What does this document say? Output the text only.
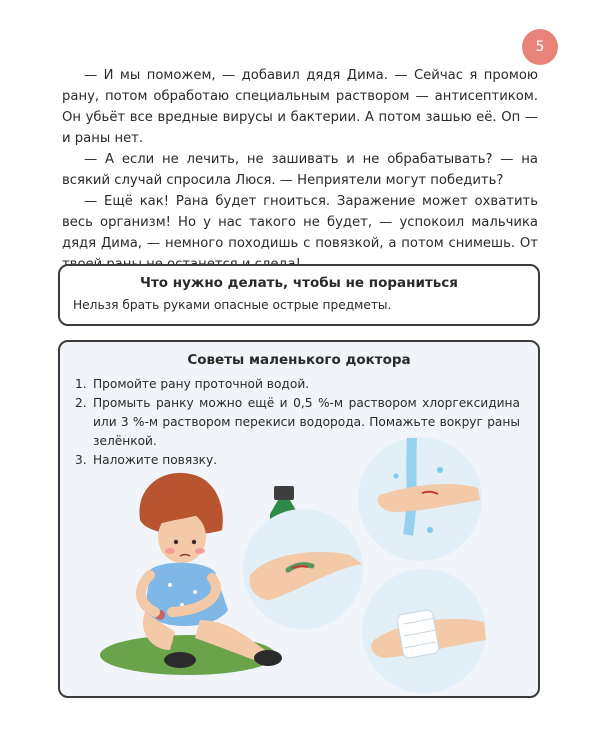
5

— И мы поможем, — добавил дядя Дима. — Сейчас я промою рану, потом обработаю специальным раствором — антисептиком. Он убьёт все вредные вирусы и бактерии. А потом зашью её. Оп — и раны нет.

— А если не лечить, не зашивать и не обрабатывать? — на всякий случай спросила Люся. — Неприятели могут победить?

— Ещё как! Рана будет гноиться. Заражение может охватить весь организм! Но у нас такого не будет, — успокоил мальчика дядя Дима, — немного походишь с повязкой, а потом снимешь. От

Что нужно делать, чтобы не пораниться
Нельзя брать руками опасные острые предметы.
Советы маленького доктора
1. Промойте рану проточной водой.
2. Промыть ранку можно ещё и 0,5 %-м раствором хлоргексидина или 3 %-м раствором перекиси водорода. Помажьте вокруг раны зелёнкой.
3. Наложите повязку.
